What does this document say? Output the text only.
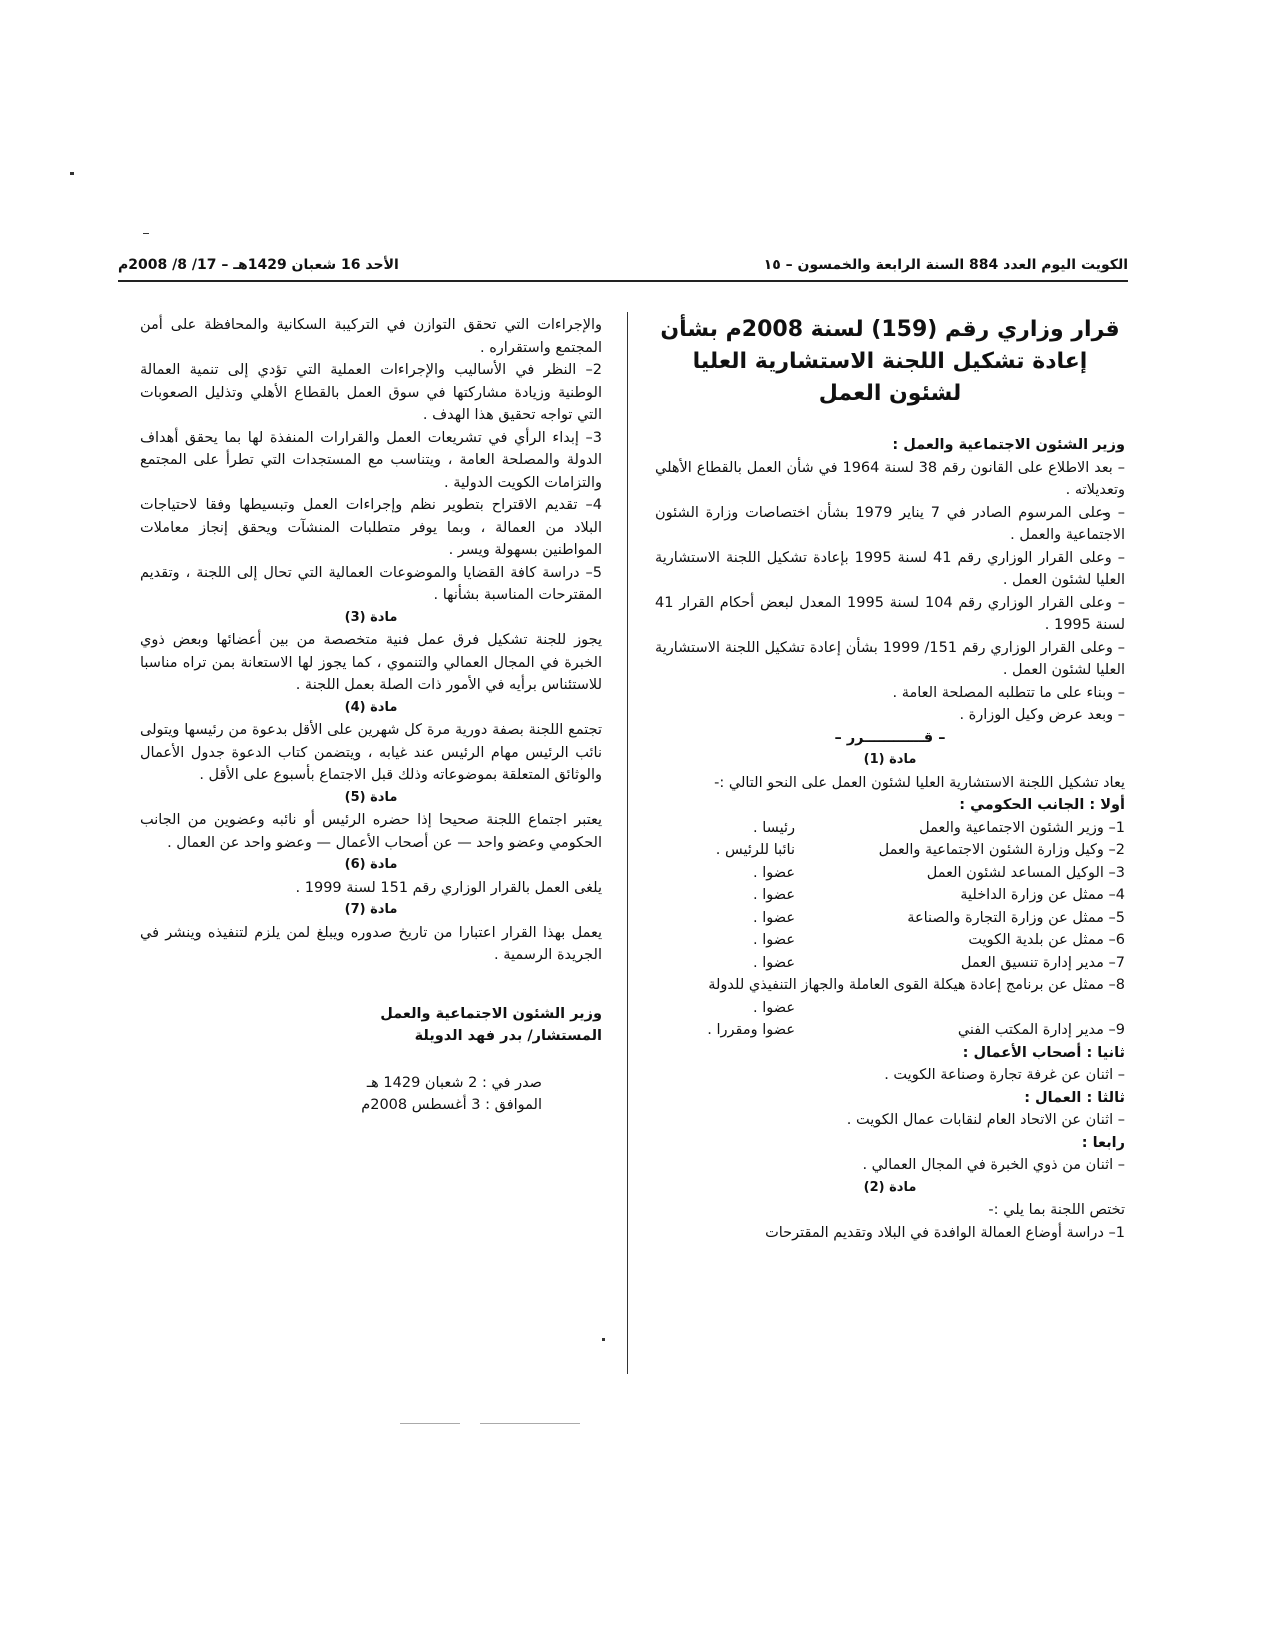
الكويت اليوم العدد 884 السنة الرابعة والخمسون – ١٥
الأحد 16 شعبان 1429هـ – 17/ 8/ 2008م

قرار وزاري رقم (159) لسنة 2008م بشأن إعادة تشكيل اللجنة الاستشارية العليا لشئون العمل

وزير الشئون الاجتماعية والعمل :

– بعد الاطلاع على القانون رقم 38 لسنة 1964 في شأن العمل بالقطاع الأهلي وتعديلاته .

– وعلى المرسوم الصادر في 7 يناير 1979 بشأن اختصاصات وزارة الشئون الاجتماعية والعمل .

– وعلى القرار الوزاري رقم 41 لسنة 1995 بإعادة تشكيل اللجنة الاستشارية العليا لشئون العمل .

– وعلى القرار الوزاري رقم 104 لسنة 1995 المعدل لبعض أحكام القرار 41 لسنة 1995 .

– وعلى القرار الوزاري رقم 151/ 1999 بشأن إعادة تشكيل اللجنة الاستشارية العليا لشئون العمل .

– وبناء على ما تتطلبه المصلحة العامة .

– وبعد عرض وكيل الوزارة .

– قــــــــــــرر –

مادة (1)

يعاد تشكيل اللجنة الاستشارية العليا لشئون العمل على النحو التالي :-

أولا : الجانب الحكومي :

1– وزير الشئون الاجتماعية والعمل
رئيسا .
2– وكيل وزارة الشئون الاجتماعية والعمل
نائبا للرئيس .
3– الوكيل المساعد لشئون العمل
عضوا .
4– ممثل عن وزارة الداخلية
عضوا .
5– ممثل عن وزارة التجارة والصناعة
عضوا .
6– ممثل عن بلدية الكويت
عضوا .
7– مدير إدارة تنسيق العمل
عضوا .

8– ممثل عن برنامج إعادة هيكلة القوى العاملة والجهاز التنفيذي للدولة

عضوا .
9– مدير إدارة المكتب الفني
عضوا ومقررا .

ثانيا : أصحاب الأعمال :

– اثنان عن غرفة تجارة وصناعة الكويت .

ثالثا : العمال :

– اثنان عن الاتحاد العام لنقابات عمال الكويت .

رابعا :

– اثنان من ذوي الخبرة في المجال العمالي .

مادة (2)

تختص اللجنة بما يلي :-

1– دراسة أوضاع العمالة الوافدة في البلاد وتقديم المقترحات

والإجراءات التي تحقق التوازن في التركيبة السكانية والمحافظة على أمن المجتمع واستقراره .

2– النظر في الأساليب والإجراءات العملية التي تؤدي إلى تنمية العمالة الوطنية وزيادة مشاركتها في سوق العمل بالقطاع الأهلي وتذليل الصعوبات التي تواجه تحقيق هذا الهدف .

3– إبداء الرأي في تشريعات العمل والقرارات المنفذة لها بما يحقق أهداف الدولة والمصلحة العامة ، ويتناسب مع المستجدات التي تطرأ على المجتمع والتزامات الكويت الدولية .

4– تقديم الاقتراح بتطوير نظم وإجراءات العمل وتبسيطها وفقا لاحتياجات البلاد من العمالة ، وبما يوفر متطلبات المنشآت ويحقق إنجاز معاملات المواطنين بسهولة ويسر .

5– دراسة كافة القضايا والموضوعات العمالية التي تحال إلى اللجنة ، وتقديم المقترحات المناسبة بشأنها .

مادة (3)

يجوز للجنة تشكيل فرق عمل فنية متخصصة من بين أعضائها وبعض ذوي الخبرة في المجال العمالي والتنموي ، كما يجوز لها الاستعانة بمن تراه مناسبا للاستئناس برأيه في الأمور ذات الصلة بعمل اللجنة .

مادة (4)

تجتمع اللجنة بصفة دورية مرة كل شهرين على الأقل بدعوة من رئيسها ويتولى نائب الرئيس مهام الرئيس عند غيابه ، ويتضمن كتاب الدعوة جدول الأعمال والوثائق المتعلقة بموضوعاته وذلك قبل الاجتماع بأسبوع على الأقل .

مادة (5)

يعتبر اجتماع اللجنة صحيحا إذا حضره الرئيس أو نائبه وعضوين من الجانب الحكومي وعضو واحد — عن أصحاب الأعمال — وعضو واحد عن العمال .

مادة (6)

يلغى العمل بالقرار الوزاري رقم 151 لسنة 1999 .

مادة (7)

يعمل بهذا القرار اعتبارا من تاريخ صدوره ويبلغ لمن يلزم لتنفيذه وينشر في الجريدة الرسمية .

وزير الشئون الاجتماعية والعمل

المستشار/ بدر فهد الدويلة

صدر في : 2 شعبان 1429 هـ

الموافق : 3 أغسطس 2008م
